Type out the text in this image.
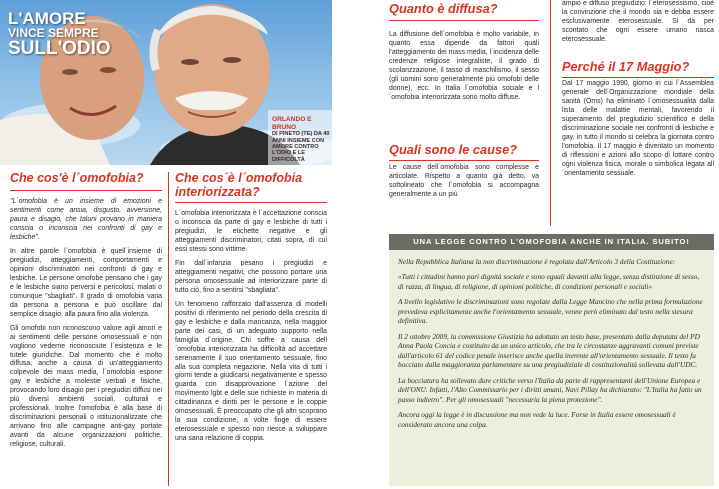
L'AMORE
VINCE SEMPRE
SULL'ODIO
ORLANDO E BRUNO
DI PINETO (TE) DA 40 ANNI INSIEME CON AMORE CONTRO L'ODIO E LE DIFFICOLTÀ
Che cos'è l´omofobia?

"L´omofobia è un insieme di emozioni e sentimenti come ansia, disgusto, avversione, paura e disagio, che taluni provano in maniera conscia o inconscia nei confronti di gay e lesbiche".

In altre parole l´omofobia è quell´insieme di pregiudizi, atteggiamenti, comportamenti e opinioni discriminatori nei confronti di gay e lesbiche. Le persone omofobe pensano che i gay e le lesbiche siano perversi e pericolosi, malati o comunque "sbagliati". Il grado di omofobia varia da persona a persona e può oscillare dal semplice disagio, alla paura fino alla violenza.

Gli omofobi non riconoscono valore agli amori e ai sentimenti delle persone omosessuali e non vogliono vederne riconosciute l´esistenza e le tutele giuridiche. Dal momento che è molto diffusa, anche a causa di un'atteggiamento colpevole dei mass media, l´omofobia espone gay e lesbiche a molestie verbali e fisiche, provocando loro disagio per i pregiudizi diffusi nei più diversi ambienti sociali, culturali e professionali. Inoltre l'omofobia è alla base di discriminazioni personali o istituzionalizzate che arrivano fino alle campagne anti-gay portate avanti da alcune organizzazioni politiche, religiose, culturali.

Che cos´è l´omofobia interiorizzata?

L´omofobia interiorizzata è l´accettazione conscia o inconscia da parte di gay e lesbiche di tutti i pregiudizi, le etichette negative e gli atteggiamenti discriminatori, citati sopra, di cui essi stessi sono vittime.

Fin dall´infanzia pesano i pregiudizi e atteggiamenti negativi, che possono portare una persona omosessuale ad interiorizzare parte di tutto ciò, fino a sentirsi "sbagliata".

Un fenomeno rafforzato dall'assenza di modelli positivi di riferimento nel periodo della crescita di gay e lesbiche e dalla mancanza, nella maggior parte dei casi, di un adeguato supporto nella famiglia d´origine. Chi soffre a causa dell´omofobia interiorizzata ha difficoltà ad accettare serenamente il suo orientamento sessuale, fino alla sua completa negazione. Nella vita di tutti i giorni tende a giudicarsi negativamente e spesso guarda con disapprovazione l´azione del movimento lgbt e delle sue richieste in materia di cittadinanza e diritti per le persone e le coppie omosessuali. È preoccupato che gli altri scoprano la sua condizione, a volte finge di essere eterosessuale e spesso non riesce a sviluppare una sana relazione di coppia.

Quanto è diffusa?

La diffusione dell´omofobia è molto variabile, in quanto essa dipende da fattori quali l'atteggiamento dei mass media, l´incidenza delle credenze religiose integraliste, il grado di scolarizzazione, il tasso di maschilismo, il sesso (gli uomini sono generalmente più omofobi delle donne), ecc. In Italia l´omofobia sociale e l´omofobia interiorizzata sono molto diffuse.

Quali sono le cause?

Le cause dell´omofobia sono complesse e articolate. Rispetto a quanto già detto, va sottolineato che l´omofobia si accompagna generalmente a un più

ampio e diffuso pregiudizio: l´eterosessismo, cioè la convinzione che il mondo sia e debba essere esclusivamente eterosessuale. Sì dà per scontato che ogni essere umano nasca eterosessuale.

Perché il 17 Maggio?

Dal 17 maggio 1990, giorno in cui l´Assemblea generale dell´Organizzazione mondiale della sanità (Oms) ha eliminato l´omosessualità dalla lista delle malattie mentali, favorendo il superamento del pregiudizio scientifico e della discriminazione sociale nei confronti di lesbiche e gay, in tutto il mondo si celebra la giornata contro l'omofobia. Il 17 maggio è diventato un momento di riflessioni e azioni allo scopo di lottare contro ogni violenza fisica, morale o simbolica legata all´orientamento sessuale.

UNA LEGGE CONTRO L'OMOFOBIA ANCHE IN ITALIA. SUBITO!

Nella Repubblica Italiana la non discriminazione è regolata dall'Articolo 3 della Costituzione:

«Tutti i cittadini hanno pari dignità sociale e sono eguali davanti alla legge, senza distinzione di sesso, di razza, di lingua, di religione, di opinioni politiche, di condizioni personali e sociali»

A livello legislativo le discriminazioni sono regolate dalla Legge Mancino che nella prima formulazione prevedeva esplicitamente anche l'orientamento sessuale, venne però eliminato dal testo nella stesura definitiva.

Il 2 ottobre 2009, la commissione Giustizia ha adottato un testo base, presentato dalla deputata del PD Anna Paola Concia e costituito da un unico articolo, che tra le circostanze aggravanti comuni previste dall'articolo 61 del codice penale inserisce anche quella inerente all'orientamento sessuale. Il testo fu bocciato dalla maggioranza parlamentare su una pregiudiziale di costituzionalità sollevata dall'UDC.

La bocciatura ha sollevato dure critiche verso l'Italia da parte di rappresentanti dell'Unione Europea e dell'ONU. Infatti, l'Alto Commissario per i diritti umani, Navi Pillay ha dichiarato: "L'Italia ha fatto un passo indietro". Per gli omosessuali "necessaria la piena protezione".

Ancora oggi la legge è in discussione ma non vede la luce. Forse in Italia essere omosessuali è considerato ancora una colpa.
